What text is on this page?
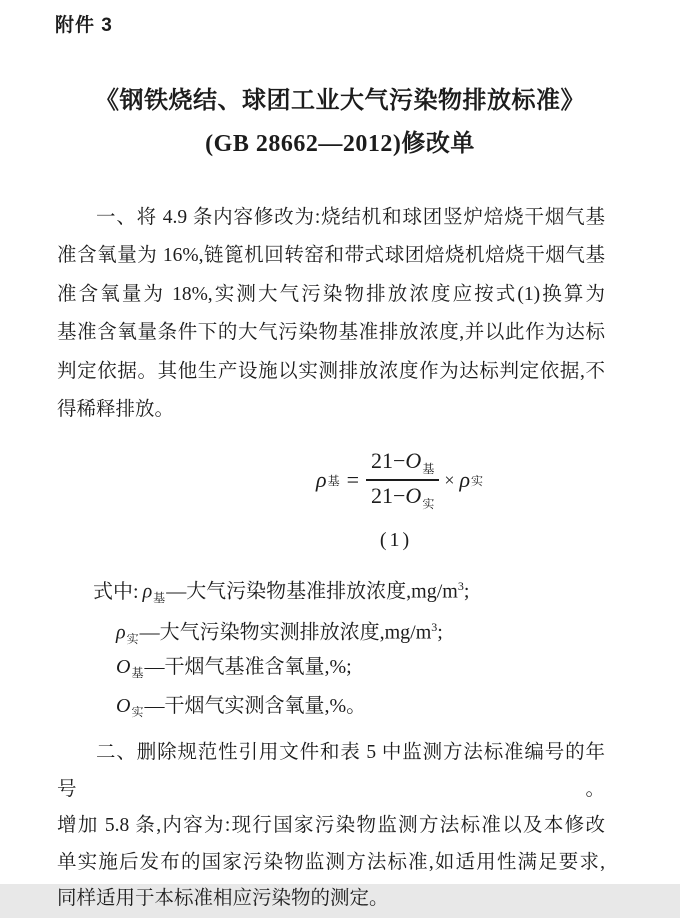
附件 3
《钢铁烧结、球团工业大气污染物排放标准》
(GB 28662—2012)修改单
一、将 4.9 条内容修改为:烧结机和球团竖炉焙烧干烟气基
准含氧量为 16%,链篦机回转窑和带式球团焙烧机焙烧干烟气基
准含氧量为 18%,实测大气污染物排放浓度应按式(1)换算为
基准含氧量条件下的大气污染物基准排放浓度,并以此作为达标
判定依据。其他生产设施以实测排放浓度作为达标判定依据,不
得稀释排放。
ρ 基 = $\frac{21-O_基}{21-O_实} \times \rho$ 实
(1)
式中: $\rho_基—$大气污染物基准排放浓度$,mg/m^3$;
$\rho_实—$大气污染物实测排放浓度$,mg/m^3$;
$O_基—$干烟气基准含氧量,%;
$O_实—$干烟气实测含氧量,%。
二、删除规范性引用文件和表 5 中监测方法标准编号的年号。
增加 5.8 条,内容为:现行国家污染物监测方法标准以及本修改
单实施后发布的国家污染物监测方法标准,如适用性满足要求,
同样适用于本标准相应污染物的测定。
